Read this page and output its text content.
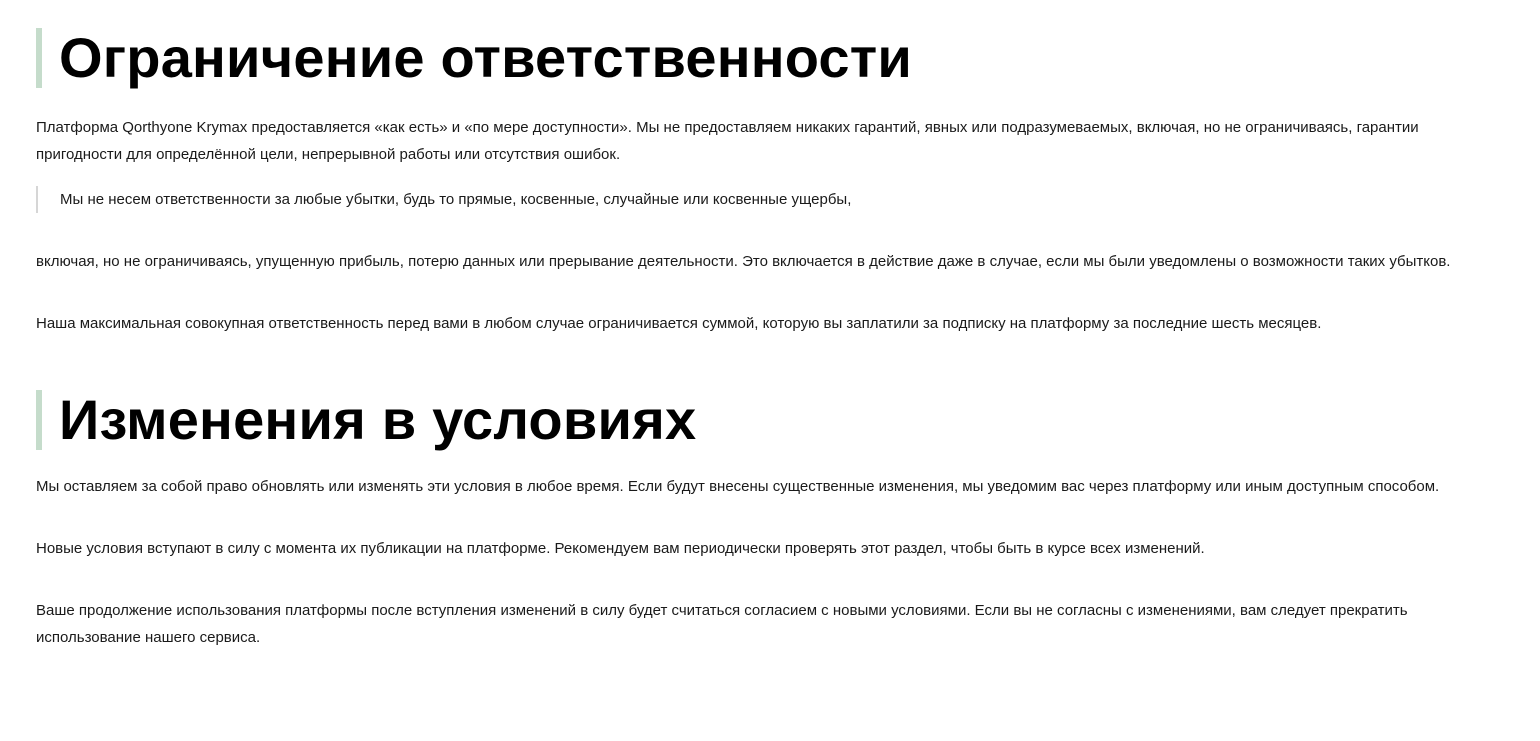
Ограничение ответственности

Платформа Qorthyone Krymax предоставляется «как есть» и «по мере доступности». Мы не предоставляем никаких гарантий, явных или подразумеваемых, включая, но не ограничиваясь, гарантии пригодности для определённой цели, непрерывной работы или отсутствия ошибок.

Мы не несем ответственности за любые убытки, будь то прямые, косвенные, случайные или косвенные ущербы,

включая, но не ограничиваясь, упущенную прибыль, потерю данных или прерывание деятельности. Это включается в действие даже в случае, если мы были уведомлены о возможности таких убытков.

Наша максимальная совокупная ответственность перед вами в любом случае ограничивается суммой, которую вы заплатили за подписку на платформу за последние шесть месяцев.

Изменения в условиях

Мы оставляем за собой право обновлять или изменять эти условия в любое время. Если будут внесены существенные изменения, мы уведомим вас через платформу или иным доступным способом.

Новые условия вступают в силу с момента их публикации на платформе. Рекомендуем вам периодически проверять этот раздел, чтобы быть в курсе всех изменений.

Ваше продолжение использования платформы после вступления изменений в силу будет считаться согласием с новыми условиями. Если вы не согласны с изменениями, вам следует прекратить использование нашего сервиса.
